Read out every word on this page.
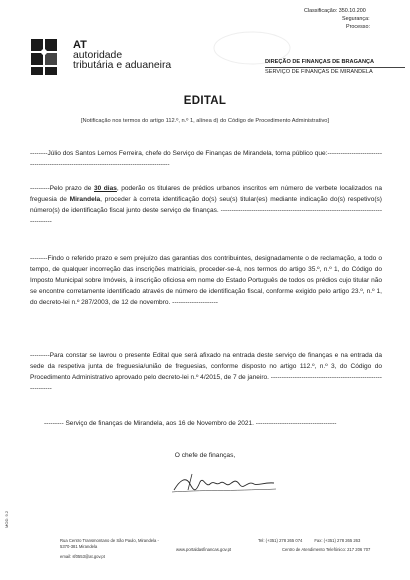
Classificação: 350.10.200
Segurança:
Processo:
AT
autoridade
tributária e aduaneira	DIREÇÃO DE FINANÇAS DE BRAGANÇA
SERVIÇO DE FINANÇAS DE MIRANDELA
EDITAL
[Notificação nos termos do artigo 112.º, n.º 1, alínea d) do Código de Procedimento Administrativo]
--------Júlio dos Santos Lemos Ferreira, chefe do Serviço de Finanças de Mirandela, torna público que:-----------------------------------------------------------------------------------------
---------Pelo prazo de 30 dias, poderão os titulares de prédios urbanos inscritos em número de verbete localizados na freguesia de Mirandela, proceder à correta identificação do(s) seu(s) titular(es) mediante indicação do(s) respetivo(s) número(s) de identificação fiscal junto deste serviço de finanças. ------------------------------------------------------------------------------------
--------Findo o referido prazo e sem prejuízo das garantias dos contribuintes, designadamente o de reclamação, a todo o tempo, de qualquer incorreção das inscrições matriciais, proceder-se-á, nos termos do artigo 35.º, n.º 1, do Código do Imposto Municipal sobre Imóveis, à inscrição oficiosa em nome do Estado Português de todos os prédios cujo titular não se encontre corretamente identificado através de número de identificação fiscal, conforme exigido pelo artigo 23.º, n.º 1, do decreto-lei n.º 287/2003, de 12 de novembro. ---------------------
---------Para constar se lavrou o presente Edital que será afixado na entrada deste serviço de finanças e na entrada da sede da respetiva junta de freguesia/união de freguesias, conforme disposto no artigo 112.º, n.º 3, do Código do Procedimento Administrativo aprovado pelo decreto-lei n.º 4/2015, de 7 de janeiro. -------------------------------------------------------------
--------- Serviço de finanças de Mirandela, aos 16 de Novembro de 2021. -------------------------------------
O chefe de finanças,
MOD. 9.2
Rua Centro Transmontano de São Paulo, Mirandela - 5370-381 Mirandela
email: sf0553@at.gov.pt
www.portaldasfinancas.gov.pt
Tel: (+351) 278 265 074	Fax: (+351) 278 265 263
Centro de Atendimento Telefónico: 217 206 707
